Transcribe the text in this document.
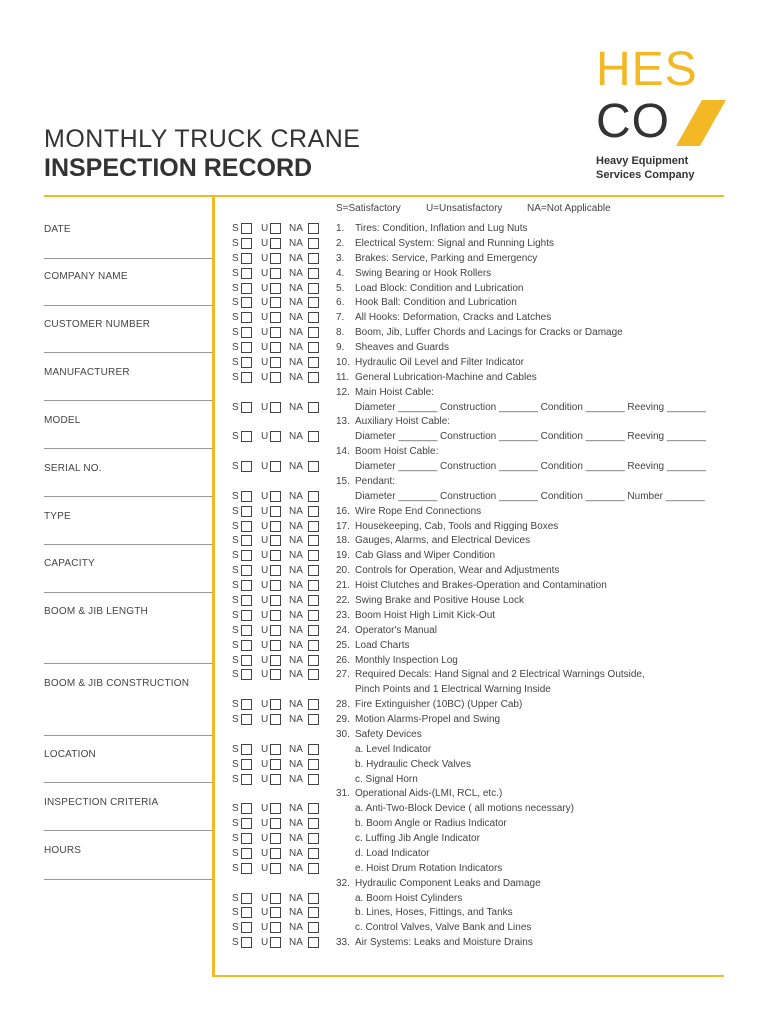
HES
CO
Heavy Equipment
Services Company
MONTHLY TRUCK CRANE
INSPECTION RECORD
S=Satisfactory	U=Unsatisfactory NA=Not Applicable
DATE
COMPANY NAME
CUSTOMER NUMBER
MANUFACTURER
MODEL
SERIAL NO.
TYPE
CAPACITY
BOOM & JIB LENGTH
BOOM & JIB CONSTRUCTION
LOCATION
INSPECTION CRITERIA
HOURS
S U NA	1. Tires: Condition, Inflation and Lug Nuts
S U NA	2. Electrical System: Signal and Running Lights
S U NA	3. Brakes: Service, Parking and Emergency
S U NA	4. Swing Bearing or Hook Rollers
S U NA	5. Load Block: Condition and Lubrication
S U NA	6. Hook Ball: Condition and Lubrication
S U NA	7. All Hooks: Deformation, Cracks and Latches
S U NA	8. Boom, Jib, Luffer Chords and Lacings for Cracks or Damage
S U NA	9. Sheaves and Guards
S U NA	10. Hydraulic Oil Level and Filter Indicator
S U NA	11. General Lubrication-Machine and Cables
12. Main Hoist Cable:
S U NA	Diameter _______ Construction _______ Condition _______ Reeving _______
13. Auxiliary Hoist Cable:
S U NA	Diameter _______ Construction _______ Condition _______ Reeving _______
14. Boom Hoist Cable:
S U NA	Diameter _______ Construction _______ Condition _______ Reeving _______
15. Pendant:
S U NA	Diameter _______ Construction _______ Condition _______ Number _______
S U NA	16. Wire Rope End Connections
S U NA	17. Housekeeping, Cab, Tools and Rigging Boxes
S U NA	18. Gauges, Alarms, and Electrical Devices
S U NA	19. Cab Glass and Wiper Condition
S U NA	20. Controls for Operation, Wear and Adjustments
S U NA	21. Hoist Clutches and Brakes-Operation and Contamination
S U NA	22. Swing Brake and Positive House Lock
S U NA	23. Boom Hoist High Limit Kick-Out
S U NA	24. Operator's Manual
S U NA	25. Load Charts
S U NA	26. Monthly Inspection Log
S U NA	27. Required Decals: Hand Signal and 2 Electrical Warnings Outside,
Pinch Points and 1 Electrical Warning Inside
S U NA	28. Fire Extinguisher (10BC) (Upper Cab)
S U NA	29. Motion Alarms-Propel and Swing
30. Safety Devices
S U NA	a. Level Indicator
S U NA	b. Hydraulic Check Valves
S U NA	c. Signal Horn
31. Operational Aids-(LMI, RCL, etc.)
S U NA	a. Anti-Two-Block Device ( all motions necessary)
S U NA	b. Boom Angle or Radius Indicator
S U NA	c. Luffing Jib Angle Indicator
S U NA	d. Load Indicator
S U NA	e. Hoist Drum Rotation Indicators
32. Hydraulic Component Leaks and Damage
S U NA	a. Boom Hoist Cylinders
S U NA	b. Lines, Hoses, Fittings, and Tanks
S U NA	c. Control Valves, Valve Bank and Lines
S U NA	33. Air Systems: Leaks and Moisture Drains
